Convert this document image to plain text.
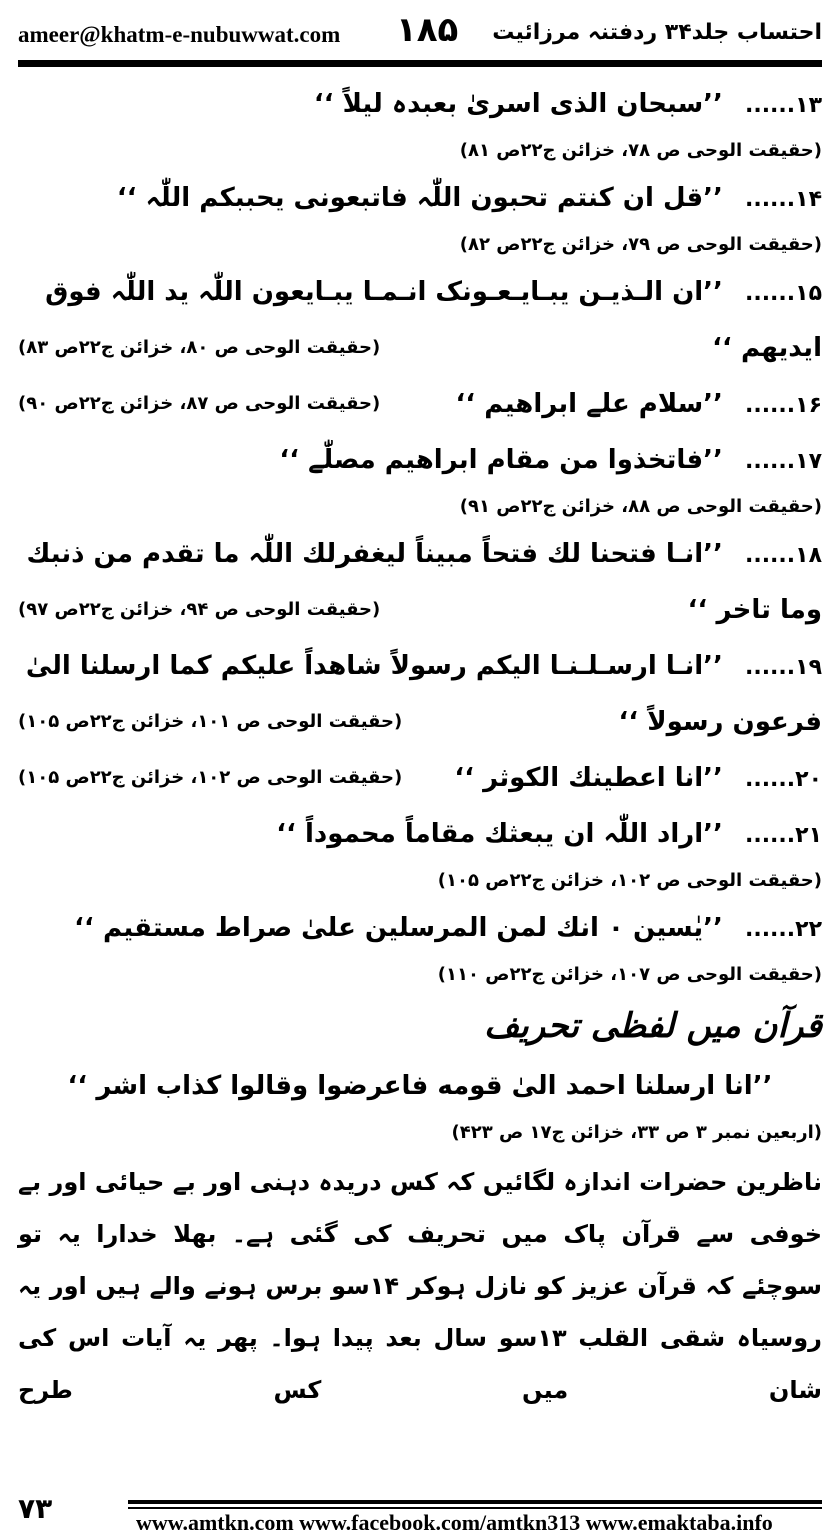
ameer@khatm-e-nubuwwat.com ۱۸۵ احتساب جلد۳۴ ردفتنہ مرزائیت
۱۳...... ’’سبحان الذی اسریٰ بعبدہ لیلاً ‘‘
(حقیقت الوحی ص ۷۸، خزائن ج۲۲ص ۸۱)
۱۴...... ’’قل ان کنتم تحبون اللّٰہ فاتبعونی یحببکم اللّٰہ ‘‘
(حقیقت الوحی ص ۷۹، خزائن ج۲۲ص ۸۲)
۱۵...... ’’ان الـذیـن یبـایـعـونک انـمـا یبـایعون اللّٰہ ید اللّٰہ فوق
ایدیھم ‘‘
(حقیقت الوحی ص ۸۰، خزائن ج۲۲ص ۸۳)
۱۶...... ’’سلام علے ابراھیم ‘‘
(حقیقت الوحی ص ۸۷، خزائن ج۲۲ص ۹۰)
۱۷...... ’’فاتخذوا من مقام ابراھیم مصلّٰے ‘‘
(حقیقت الوحی ص ۸۸، خزائن ج۲۲ص ۹۱)
۱۸...... ’’انـا فتحنا لك فتحاً مبیناً لیغفرلك اللّٰہ ما تقدم من ذنبك
وما تاخر ‘‘
(حقیقت الوحی ص ۹۴، خزائن ج۲۲ص ۹۷)
۱۹...... ’’انـا ارسـلـنـا الیکم رسولاً شاھداً علیکم کما ارسلنا الیٰ
فرعون رسولاً ‘‘
(حقیقت الوحی ص ۱۰۱، خزائن ج۲۲ص ۱۰۵)
۲۰...... ’’انا اعطینك الکوثر ‘‘
(حقیقت الوحی ص ۱۰۲، خزائن ج۲۲ص ۱۰۵)
۲۱...... ’’اراد اللّٰہ ان یبعثك مقاماً محموداً ‘‘
(حقیقت الوحی ص ۱۰۲، خزائن ج۲۲ص ۱۰۵)
۲۲...... ’’یٰسین ۰ انك لمن المرسلین علیٰ صراط مستقیم ‘‘
(حقیقت الوحی ص ۱۰۷، خزائن ج۲۲ص ۱۱۰)
قرآن میں لفظی تحریف
’’انا ارسلنا احمد الیٰ قومه فاعرضوا وقالوا کذاب اشر ‘‘
(اربعین نمبر ۳ ص ۳۳، خزائن ج۱۷ ص ۴۲۳)
ناظرین حضرات اندازہ لگائیں کہ کس دریدہ دہنی اور بے حیائی اور بے خوفی سے قرآن پاک میں تحریف کی گئی ہے۔ بھلا خدارا یہ تو سوچئے کہ قرآن عزیز کو نازل ہوکر ۱۴سو برس ہونے والے ہیں اور یہ روسیاہ شقی القلب ۱۳سو سال بعد پیدا ہوا۔ پھر یہ آیات اس کی شان میں کس طرح
۷۳	www.amtkn.com www.facebook.com/amtkn313 www.emaktaba.info
